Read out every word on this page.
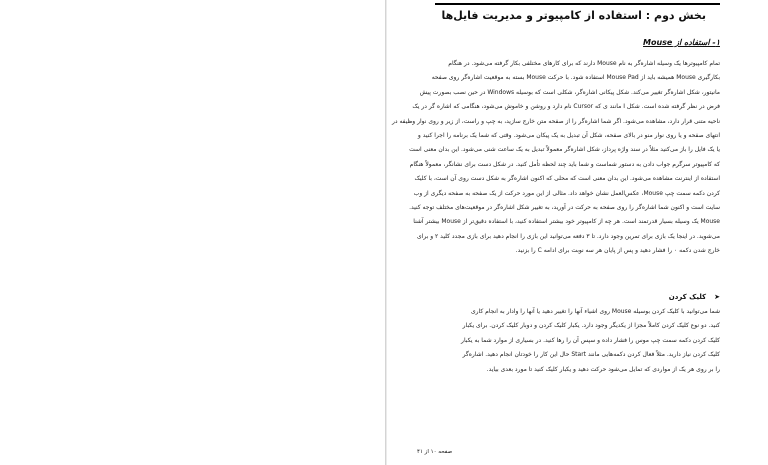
بخش دوم : استفاده از کامپیوتر و مدیریت فایل‌ها
۱- استفاده از Mouse
تمام کامپیوترها یک وسیله اشاره‌گر به نام Mouse دارند که برای کارهای مختلفی بکار گرفته می‌شود. در هنگام
بکارگیری Mouse همیشه باید از Mouse Pad استفاده شود. با حرکت Mouse بسته به موقعیت اشاره‌گر روی صفحه
مانیتور، شکل اشاره‌گر تغییر می‌کند. شکل پیکانی اشاره‌گر، شکلی است که بوسیله Windows در حین نصب بصورت پیش
فرض در نظر گرفته شده است. شکل I مانند ی که Cursor نام دارد و روشن و خاموش می‌شود، هنگامی که اشاره گر در یک
ناحیه متنی قرار دارد، مشاهده می‌شود. اگر شما اشاره‌گر را از صفحه متن خارج سازید، به چپ و راست، از زیر و روی نوار وظیفه در
انتهای صفحه و یا روی نوار منو در بالای صفحه، شکل آن تبدیل به یک پیکان می‌شود. وقتی که شما یک برنامه را اجرا کنید و
یا یک فایل را باز می‌کنید مثلاً در سند واژه پرداز، شکل اشاره‌گر معمولاً تبدیل به یک ساعت شنی می‌شود. این بدان معنی است
که کامپیوتر سرگرم جواب دادن به دستور شماست و شما باید چند لحظه تأمل کنید. در شکل دست برای نشانگر، معمولاً هنگام
استفاده از اینترنت مشاهده می‌شود. این بدان معنی است که محلی که اکنون اشاره‌گر به شکل دست روی آن است، با کلیک
کردن دکمه سمت چپ Mouse، عکس‌العمل نشان خواهد داد. مثالی از این مورد حرکت از یک صفحه به صفحه دیگری از وب
سایت است و اکنون شما اشاره‌گر را روی صفحه به حرکت در آورید، به تغییر شکل اشاره‌گر در موقعیت‌های مختلف توجه کنید.
Mouse یک وسیله بسیار قدرتمند است. هر چه از کامپیوتر خود بیشتر استفاده کنید، با استفاده دقیق‌تر از Mouse بیشتر آشنا
می‌شوید. در اینجا یک بازی برای تمرین وجود دارد. تا ۳ دفعه می‌توانید این بازی را انجام دهید برای بازی مجدد کلید ۲ و برای
خارج شدن دکمه ۰ را فشار دهید و پس از پایان هر سه نوبت برای ادامه C را بزنید.
➤کلیک کردن
شما می‌توانید با کلیک کردن بوسیله Mouse روی اشیاء آنها را تغییر دهید یا آنها را وادار به انجام کاری
کنید. دو نوع کلیک کردن کاملاً مجزا از یکدیگر وجود دارد. یکبار کلیک کردن و دوبار کلیک کردن. برای یکبار
کلیک کردن دکمه سمت چپ موس را فشار داده و سپس آن را رها کنید. در بسیاری از موارد شما به یکبار
کلیک کردن نیاز دارید. مثلاً فعال کردن دکمه‌هایی مانند Start حال این کار را خودتان انجام دهید. اشاره‌گر
را بر روی هر یک از مواردی که تمایل می‌شود حرکت دهید و یکبار کلیک کنید تا مورد بعدی بیاید.
صفحه ۱۰ از ۴۱
